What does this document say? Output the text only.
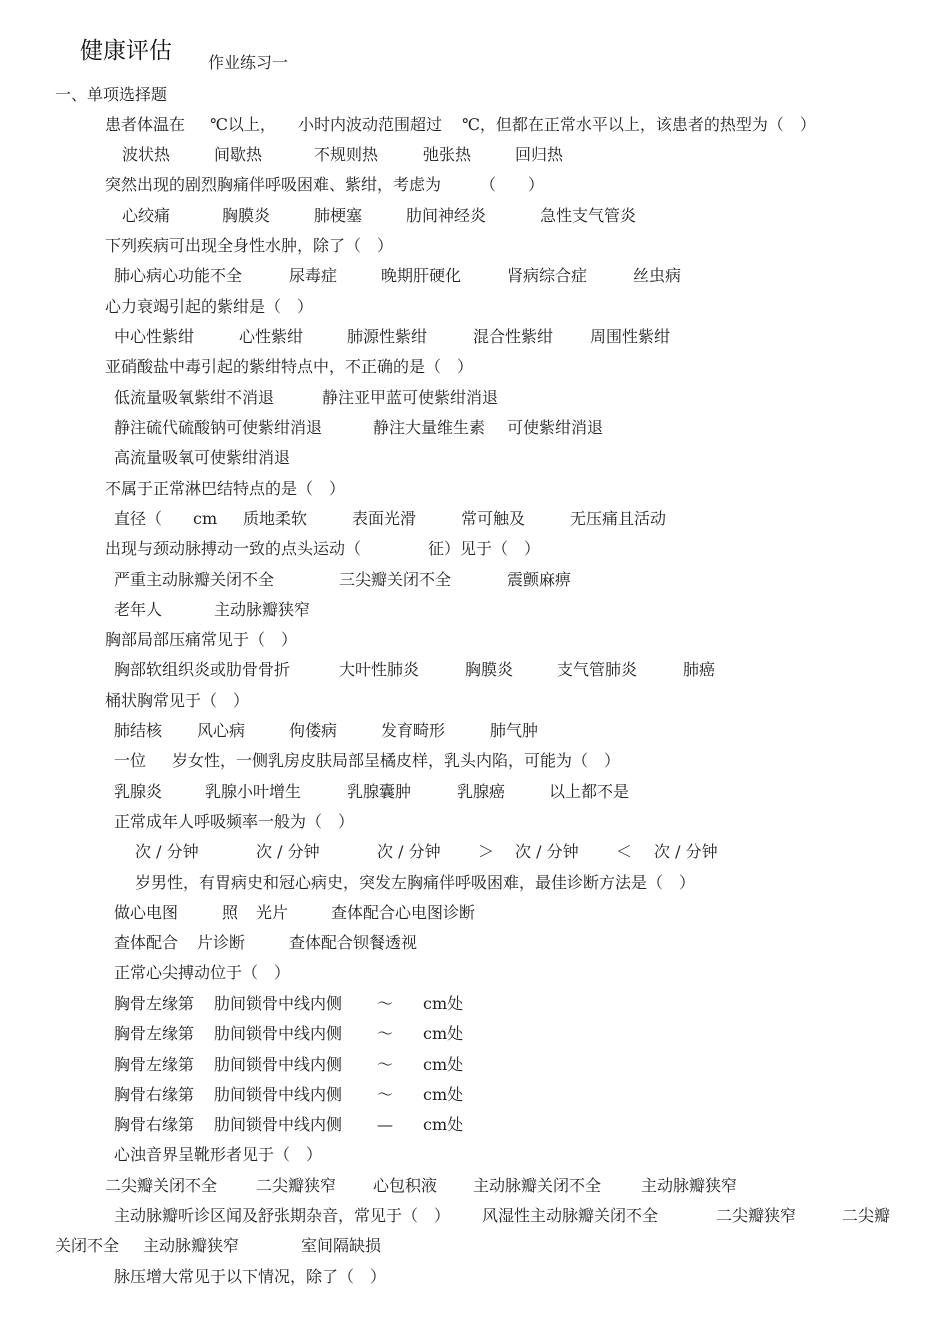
健康评估 作业练习一
一、单项选择题
患者体温在 ℃以上， 小时内波动范围超过 ℃，但都在正常水平以上，该患者的热型为（　）
波状热	间歇热	不规则热	弛张热	回归热
突然出现的剧烈胸痛伴呼吸困难、紫绀，考虑为 （　　）
心绞痛	胸膜炎	肺梗塞	肋间神经炎	急性支气管炎
下列疾病可出现全身性水肿，除了（　）
肺心病心功能不全	尿毒症	晚期肝硬化	肾病综合症	丝虫病
心力衰竭引起的紫绀是（　）
中心性紫绀	心性紫绀	肺源性紫绀	混合性紫绀 周围性紫绀
亚硝酸盐中毒引起的紫绀特点中，不正确的是（　）
低流量吸氧紫绀不消退	静注亚甲蓝可使紫绀消退
静注硫代硫酸钠可使紫绀消退	静注大量维生素 可使紫绀消退
高流量吸氧可使紫绀消退
不属于正常淋巴结特点的是（　）
直径（ cm 质地柔软	表面光滑	常可触及	无压痛且活动
出现与颈动脉搏动一致的点头运动（	征）见于（　）
严重主动脉瓣关闭不全	三尖瓣关闭不全	震颤麻痹
老年人	主动脉瓣狭窄
胸部局部压痛常见于（　）
胸部软组织炎或肋骨骨折	大叶性肺炎	胸膜炎	支气管肺炎	肺癌
桶状胸常见于（　）
肺结核 风心病	佝偻病	发育畸形	肺气肿
一位 岁女性，一侧乳房皮肤局部呈橘皮样，乳头内陷，可能为（　）
乳腺炎	乳腺小叶增生	乳腺囊肿	乳腺癌	以上都不是
正常成年人呼吸频率一般为（　）
次 / 分钟	次 / 分钟	次 / 分钟 ＞ 次 / 分钟 ＜ 次 / 分钟
岁男性，有胃病史和冠心病史，突发左胸痛伴呼吸困难，最佳诊断方法是（　）
做心电图	照 光片	查体配合心电图诊断
查体配合 片诊断	查体配合钡餐透视
正常心尖搏动位于（　）
胸骨左缘第 肋间锁骨中线内侧 ～ cm处
胸骨左缘第 肋间锁骨中线内侧 ～ cm处
胸骨左缘第 肋间锁骨中线内侧 ～ cm处
胸骨右缘第 肋间锁骨中线内侧 ～ cm处
胸骨右缘第 肋间锁骨中线内侧 — cm处
心浊音界呈靴形者见于（　）
二尖瓣关闭不全 二尖瓣狭窄 心包积液 主动脉瓣关闭不全 主动脉瓣狭窄
主动脉瓣听诊区闻及舒张期杂音，常见于（　） 风湿性主动脉瓣关闭不全	二尖瓣狭窄	二尖瓣
关闭不全 主动脉瓣狭窄	室间隔缺损
脉压增大常见于以下情况，除了（　）
